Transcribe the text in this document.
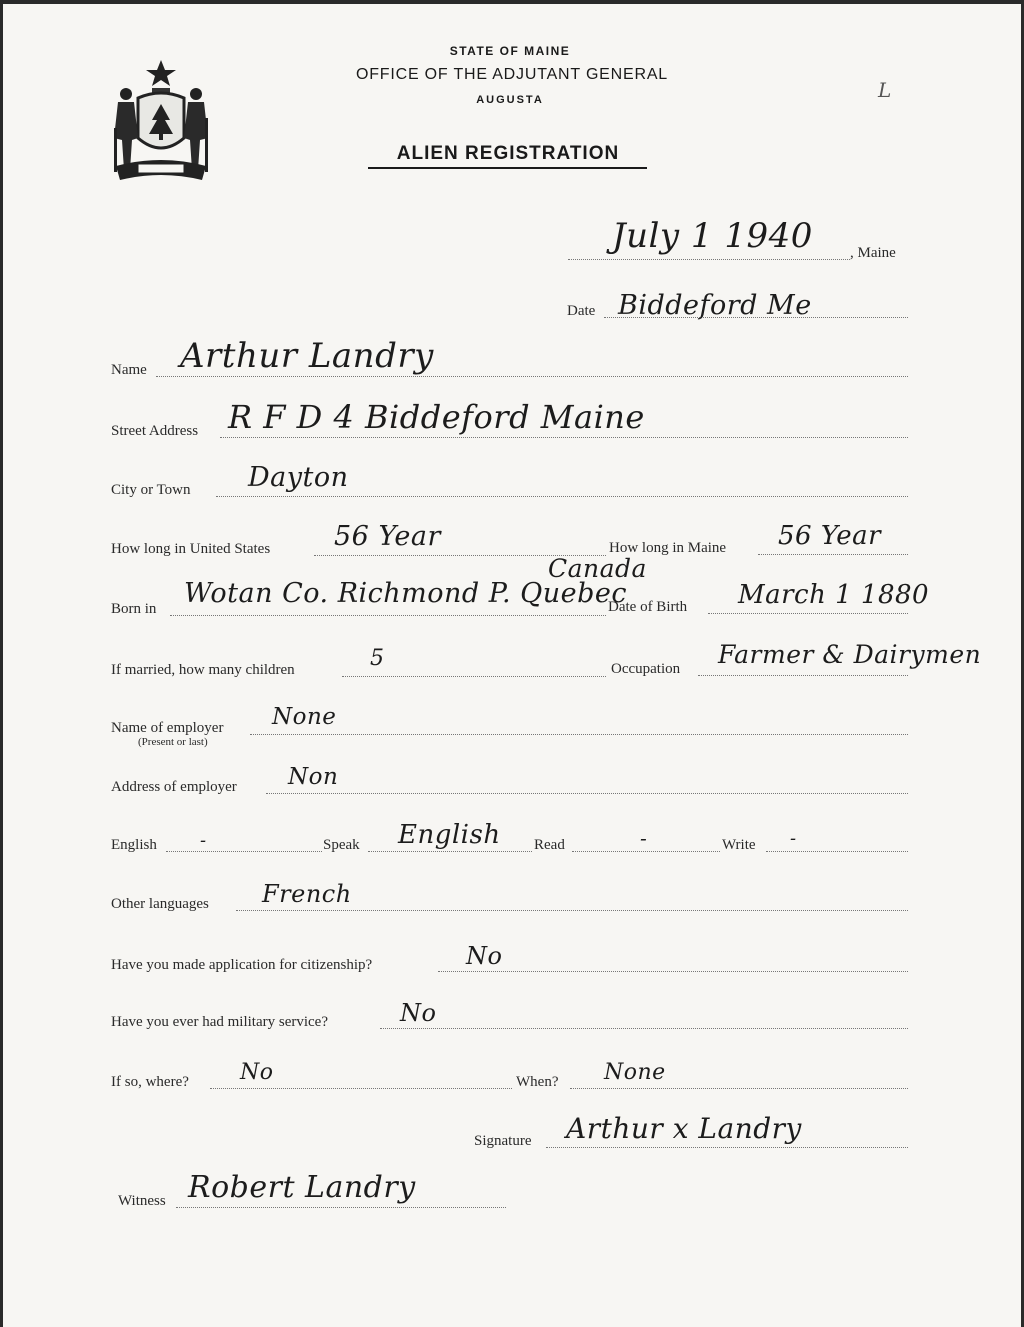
STATE OF MAINE
OFFICE OF THE ADJUTANT GENERAL
AUGUSTA
ALIEN REGISTRATION
L
July 1 1940 , Maine
Date Biddeford Me
Name Arthur Landry
Street Address R F D 4 Biddeford Maine
City or Town Dayton
How long in United States 56 Year	How long in Maine 56 Year
Born in Wotan Co. Richmond P. Quebec
Canada
Date of Birth March 1 1880
If married, how many children	5	Occupation Farmer & Dairymen
Name of employer
(Present or last)
None
Address of employer Non
English -	Speak English Read	-	Write -
Other languages French
Have you made application for citizenship?	No
Have you ever had military service?	No
If so, where? No	When? None
Signature Arthur x Landry
Witness Robert Landry
